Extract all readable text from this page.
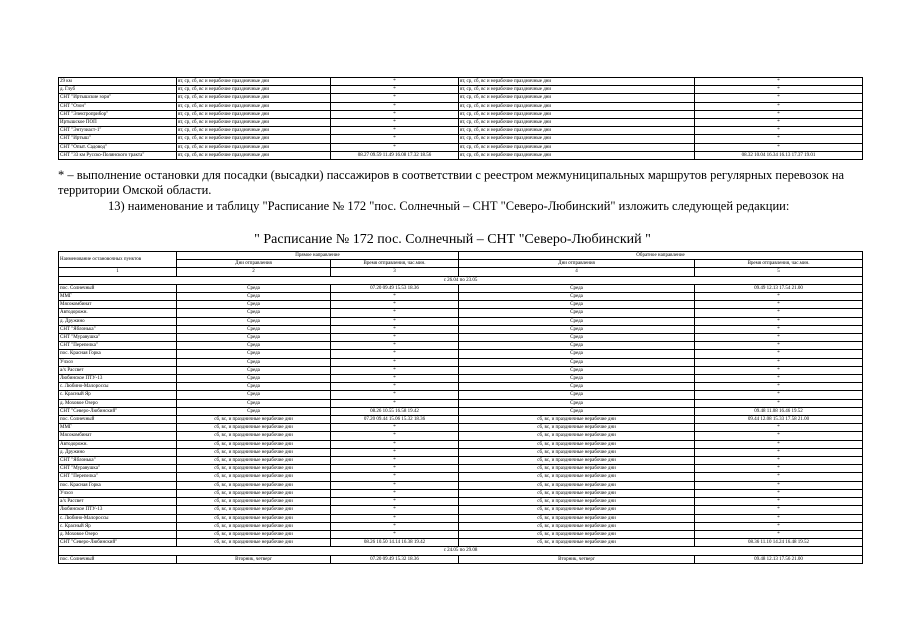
29 км	вт, ср, сб, вс и нерабочие праздничные дни	*	вт, ср, сб, вс и нерабочие праздничные дни	*
д. Глуб	вт, ср, сб, вс и нерабочие праздничные дни	*	вт, ср, сб, вс и нерабочие праздничные дни	*
СНТ "Иртышские зори"	вт, ср, сб, вс и нерабочие праздничные дни	*	вт, ср, сб, вс и нерабочие праздничные дни	*
СНТ "Озон"	вт, ср, сб, вс и нерабочие праздничные дни	*	вт, ср, сб, вс и нерабочие праздничные дни	*
СНТ "Электроприбор"	вт, ср, сб, вс и нерабочие праздничные дни	*	вт, ср, сб, вс и нерабочие праздничные дни	*
Иртышское ПОП	вт, ср, сб, вс и нерабочие праздничные дни	*	вт, ср, сб, вс и нерабочие праздничные дни	*
СНТ "Энтузиаст-1"	вт, ср, сб, вс и нерабочие праздничные дни	*	вт, ср, сб, вс и нерабочие праздничные дни	*
СНТ "Иртыш"	вт, ср, сб, вс и нерабочие праздничные дни	*	вт, ср, сб, вс и нерабочие праздничные дни	*
СНТ "Опыт. Садовод"	вт, ср, сб, вс и нерабочие праздничные дни	*	вт, ср, сб, вс и нерабочие праздничные дни	*
СНТ "33 км Русско-Полянского тракта"	вт, ср, сб, вс и нерабочие праздничные дни	08.27 09.59 11.49 16.08 17.32 18.56	вт, ср, сб, вс и нерабочие праздничные дни	08.32 10.04 16.34 16.13 17.37 19.01
* – выполнение остановки для посадки (высадки) пассажиров в соответствии с реестром межмуниципальных маршрутов регулярных перевозок на территории Омской области.
13) наименование и таблицу "Расписание № 172 "пос. Солнечный – СНТ "Северо-Любинский" изложить следующей редакции:
" Расписание № 172 пос. Солнечный – СНТ "Северо-Любинский "
Наименование остановочных пунктов	Прямое направление		Обратное направление	
	Дни отправления	Время отправления, час.мин.	Дни отправления	Время отправления, час.мин.
1	2	3	4	5
с 26.04 по 23.05				
пос. Солнечный	Среда	07.20 09.49 15.53 18.36	Среда	09.49 12.13 17.54 21.00
ММГ	Среда	*	Среда	*
Мясокомбинат	Среда	*	Среда	*
Автодорожн.	Среда	*	Среда	*
д. Дружино	Среда	*	Среда	*
СНТ "Яблонька"	Среда	*	Среда	*
СНТ "Муравушка"	Среда	*	Среда	*
СНТ "Перепелка"	Среда	*	Среда	*
пос. Красная Горка	Среда	*	Среда	*
Учхоз	Среда	*	Среда	*
а/х Рассвет	Среда	*	Среда	*
Любинское ПТУ-13	Среда	*	Среда	*
с. Любино-Малороссы	Среда	*	Среда	*
с. Красный Яр	Среда	*	Среда	*
д. Моховое Озеро	Среда	*	Среда	*
СНТ "Северо-Любинский"	Среда	08.26 10.55 16.58 19.42	Среда	09.48 11.08 16.46 19.52
пос. Солнечный	сб, вс, и праздничные нерабочие дни	07.20 09.44 15.06 15.32 18.36	сб, вс, и праздничные нерабочие дни	09.44 12.08 15.33 17.58 21.00
ММГ	сб, вс, и праздничные нерабочие дни	*	сб, вс, и праздничные нерабочие дни	*
Мясокомбинат	сб, вс, и праздничные нерабочие дни	*	сб, вс, и праздничные нерабочие дни	*
Автодорожн.	сб, вс, и праздничные нерабочие дни	*	сб, вс, и праздничные нерабочие дни	*
д. Дружино	сб, вс, и праздничные нерабочие дни	*	сб, вс, и праздничные нерабочие дни	*
СНТ "Яблонька"	сб, вс, и праздничные нерабочие дни	*	сб, вс, и праздничные нерабочие дни	*
СНТ "Муравушка"	сб, вс, и праздничные нерабочие дни	*	сб, вс, и праздничные нерабочие дни	*
СНТ "Перепелка"	сб, вс, и праздничные нерабочие дни	*	сб, вс, и праздничные нерабочие дни	*
пос. Красная Горка	сб, вс, и праздничные нерабочие дни	*	сб, вс, и праздничные нерабочие дни	*
Учхоз	сб, вс, и праздничные нерабочие дни	*	сб, вс, и праздничные нерабочие дни	*
а/х Рассвет	сб, вс, и праздничные нерабочие дни	*	сб, вс, и праздничные нерабочие дни	*
Любинское ПТУ-13	сб, вс, и праздничные нерабочие дни	*	сб, вс, и праздничные нерабочие дни	*
с. Любино-Малороссы	сб, вс, и праздничные нерабочие дни	*	сб, вс, и праздничные нерабочие дни	*
с. Красный Яр	сб, вс, и праздничные нерабочие дни	*	сб, вс, и праздничные нерабочие дни	*
д. Моховое Озеро	сб, вс, и праздничные нерабочие дни	*	сб, вс, и праздничные нерабочие дни	*
СНТ "Северо-Любинский"	сб, вс, и праздничные нерабочие дни	08.26 10.50 14.14 16.38 19.42	сб, вс, и праздничные нерабочие дни	08.36 11.10 14.24 16.48 19.52
с 24.05 по 29.08				
пос. Солнечный	Вторник, четверг	07.20 09.49 15.32 18.36	Вторник, четверг	09.48 12.13 17.56 21.00
